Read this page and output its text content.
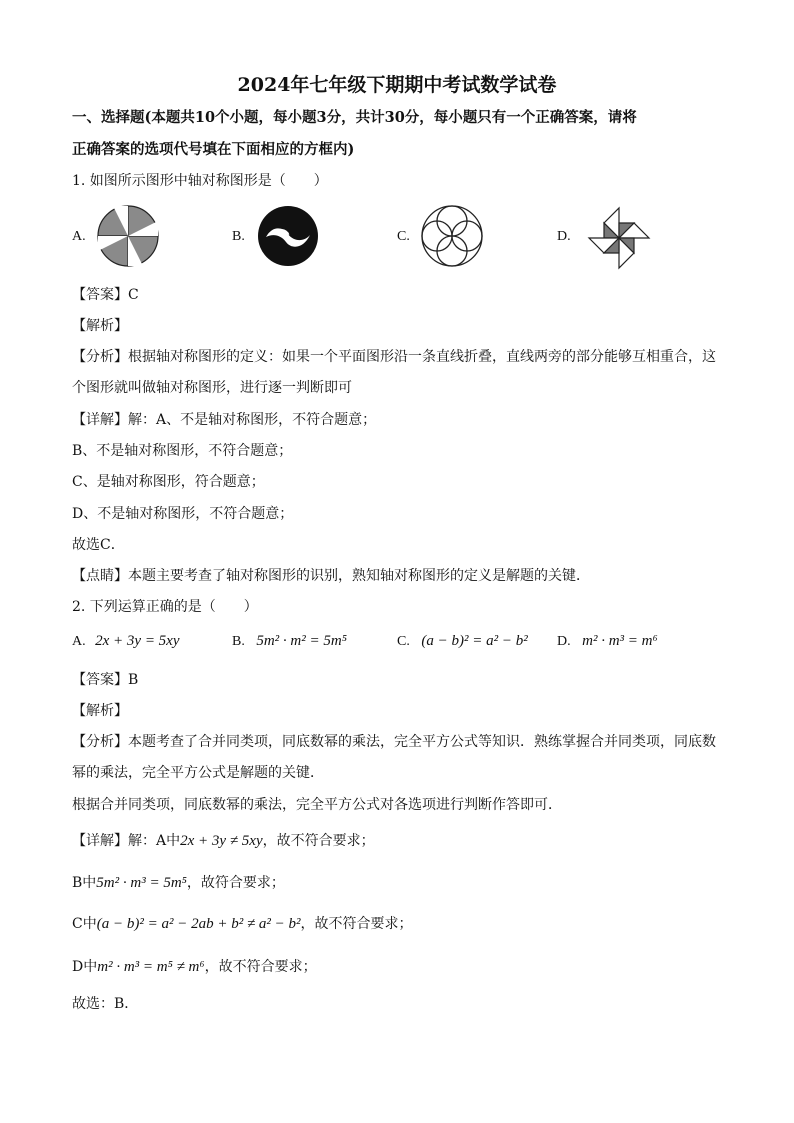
2024年七年级下期期中考试数学试卷
一、选择题(本题共10个小题，每小题3分，共计30分，每小题只有一个正确答案，请将
正确答案的选项代号填在下面相应的方框内)
1. 如图所示图形中轴对称图形是（　　）
A.	B.	C.	D.
【答案】C
【解析】
【分析】根据轴对称图形的定义：如果一个平面图形沿一条直线折叠，直线两旁的部分能够互相重合，这
个图形就叫做轴对称图形，进行逐一判断即可
【详解】解：A、不是轴对称图形，不符合题意；
B、不是轴对称图形，不符合题意；
C、是轴对称图形，符合题意；
D、不是轴对称图形，不符合题意；
故选C．
【点睛】本题主要考查了轴对称图形的识别，熟知轴对称图形的定义是解题的关键．
2. 下列运算正确的是（　　）
A. 2x + 3y = 5xy	B. 5m² · m² = 5m⁵	C. (a − b)² = a² − b² D. m² · m³ = m⁶
【答案】B
【解析】
【分析】本题考查了合并同类项，同底数幂的乘法，完全平方公式等知识．熟练掌握合并同类项，同底数
幂的乘法，完全平方公式是解题的关键．
根据合并同类项，同底数幂的乘法，完全平方公式对各选项进行判断作答即可．
【详解】解：A中2x + 3y ≠ 5xy，故不符合要求；
B中5m² · m³ = 5m⁵，故符合要求；
C中(a − b)² = a² − 2ab + b² ≠ a² − b²，故不符合要求；
D中m² · m³ = m⁵ ≠ m⁶，故不符合要求；
故选：B．
